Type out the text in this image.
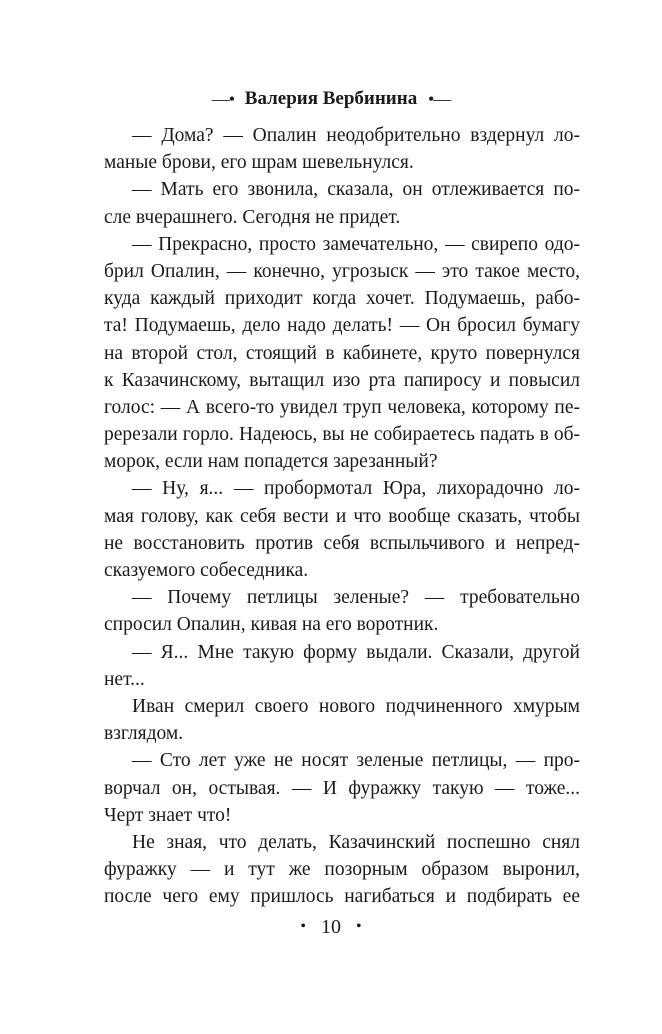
—• Валерия Вербинина •—
— Дома? — Опалин неодобрительно вздернул ло-
маные брови, его шрам шевельнулся.
— Мать его звонила, сказала, он отлеживается по-
сле вчерашнего. Сегодня не придет.
— Прекрасно, просто замечательно, — свирепо одо-
брил Опалин, — конечно, угрозыск — это такое место,
куда каждый приходит когда хочет. Подумаешь, рабо-
та! Подумаешь, дело надо делать! — Он бросил бумагу
на второй стол, стоящий в кабинете, круто повернулся
к Казачинскому, вытащил изо рта папиросу и повысил
голос: — А всего-то увидел труп человека, которому пе-
ререзали горло. Надеюсь, вы не собираетесь падать в об-
морок, если нам попадется зарезанный?
— Ну, я... — пробормотал Юра, лихорадочно ло-
мая голову, как себя вести и что вообще сказать, чтобы
не восстановить против себя вспыльчивого и непред-
сказуемого собеседника.
— Почему петлицы зеленые? — требовательно
спросил Опалин, кивая на его воротник.
— Я... Мне такую форму выдали. Сказали, другой
нет...
Иван смерил своего нового подчиненного хмурым
взглядом.
— Сто лет уже не носят зеленые петлицы, — про-
ворчал он, остывая. — И фуражку такую — тоже...
Черт знает что!
Не зная, что делать, Казачинский поспешно снял
фуражку — и тут же позорным образом выронил,
после чего ему пришлось нагибаться и подбирать ее
• 10 •
